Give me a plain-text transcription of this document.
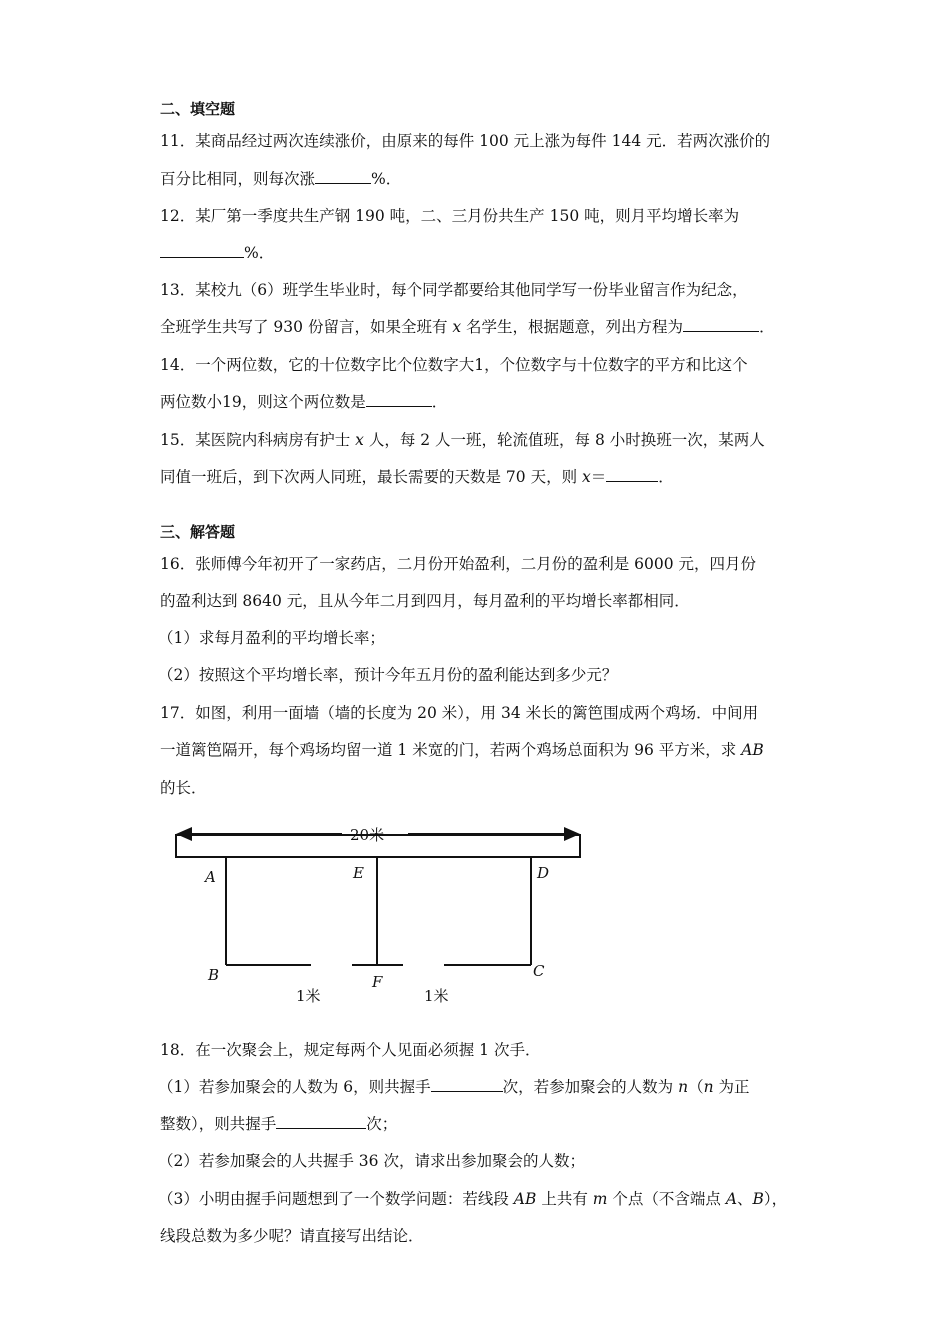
二、填空题
11．某商品经过两次连续涨价，由原来的每件 100 元上涨为每件 144 元．若两次涨价的
百分比相同，则每次涨	%．
12．某厂第一季度共生产钢 190 吨，二、三月份共生产 150 吨，则月平均增长率为
%．
13．某校九（6）班学生毕业时，每个同学都要给其他同学写一份毕业留言作为纪念，
全班学生共写了 930 份留言，如果全班有 x 名学生，根据题意，列出方程为	．
14．一个两位数，它的十位数字比个位数字大1，个位数字与十位数字的平方和比这个
两位数小19，则这个两位数是	．
15．某医院内科病房有护士 x 人，每 2 人一班，轮流值班，每 8 小时换班一次，某两人
同值一班后，到下次两人同班，最长需要的天数是 70 天，则 x＝	．
三、解答题
16．张师傅今年初开了一家药店，二月份开始盈利，二月份的盈利是 6000 元，四月份
的盈利达到 8640 元，且从今年二月到四月，每月盈利的平均增长率都相同．
（1）求每月盈利的平均增长率；
（2）按照这个平均增长率，预计今年五月份的盈利能达到多少元？
17．如图，利用一面墙（墙的长度为 20 米），用 34 米长的篱笆围成两个鸡场．中间用
一道篱笆隔开，每个鸡场均留一道 1 米宽的门，若两个鸡场总面积为 96 平方米，求 AB
的长．
20米
A	E	D
B	F
C
1米	1米
18．在一次聚会上，规定每两个人见面必须握 1 次手．
（1）若参加聚会的人数为 6，则共握手	次，若参加聚会的人数为 n（n 为正
整数），则共握手	次；
（2）若参加聚会的人共握手 36 次，请求出参加聚会的人数；
（3）小明由握手问题想到了一个数学问题：若线段 AB 上共有 m 个点（不含端点 A、B），
线段总数为多少呢？请直接写出结论．
